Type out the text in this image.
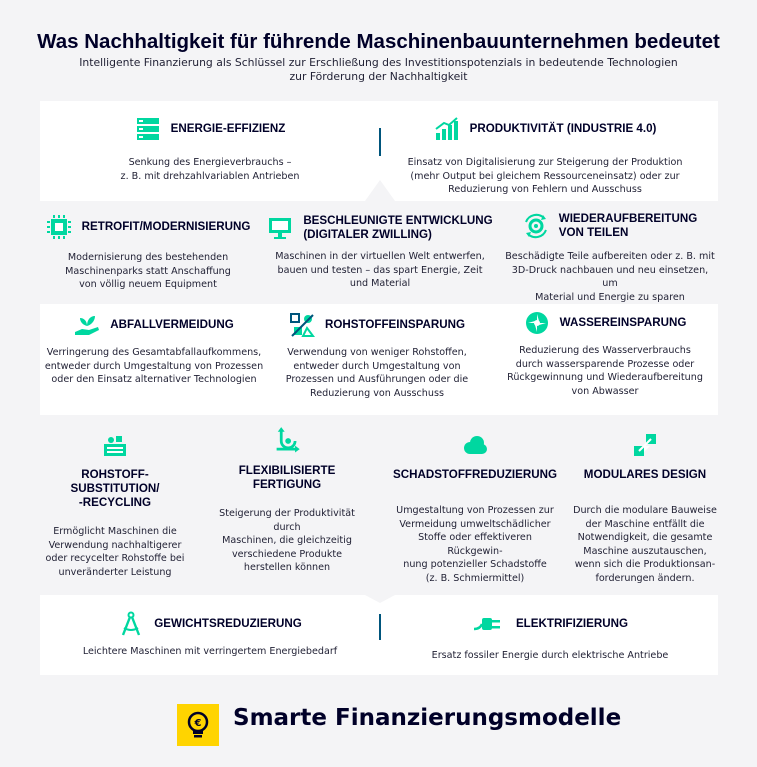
Was Nachhaltigkeit für führende Maschinenbauunternehmen bedeutet
Intelligente Finanzierung als Schlüssel zur Erschließung des Investitionspotenzials in bedeutende Technologien
zur Förderung der Nachhaltigkeit
ENERGIE-EFFIZIENZ
Senkung des Energieverbrauchs –
z. B. mit drehzahlvariablen Antrieben
PRODUKTIVITÄT (INDUSTRIE 4.0)
Einsatz von Digitalisierung zur Steigerung der Produktion
(mehr Output bei gleichem Ressourceneinsatz) oder zur
Reduzierung von Fehlern und Ausschuss
RETROFIT/MODERNISIERUNG
Modernisierung des bestehenden
Maschinenparks statt Anschaffung
von völlig neuem Equipment
BESCHLEUNIGTE ENTWICKLUNG
(DIGITALER ZWILLING)
Maschinen in der virtuellen Welt entwerfen,
bauen und testen – das spart Energie, Zeit
und Material
WIEDERAUFBEREITUNG
VON TEILEN
Beschädigte Teile aufbereiten oder z. B. mit
3D-Druck nachbauen und neu einsetzen, um
Material und Energie zu sparen
ABFALLVERMEIDUNG
Verringerung des Gesamtabfallaufkommens,
entweder durch Umgestaltung von Prozessen
oder den Einsatz alternativer Technologien
ROHSTOFFEINSPARUNG
Verwendung von weniger Rohstoffen,
entweder durch Umgestaltung von
Prozessen und Ausführungen oder die
Reduzierung von Ausschuss
WASSEREINSPARUNG
Reduzierung des Wasserverbrauchs
durch wassersparende Prozesse oder
Rückgewinnung und Wiederaufbereitung
von Abwasser
ROHSTOFF-SUBSTITUTION/
-RECYCLING
Ermöglicht Maschinen die
Verwendung nachhaltigerer
oder recycelter Rohstoffe bei
unveränderter Leistung
FLEXIBILISIERTE
FERTIGUNG
Steigerung der Produktivität durch
Maschinen, die gleichzeitig
verschiedene Produkte
herstellen können
SCHADSTOFFREDUZIERUNG
Umgestaltung von Prozessen zur
Vermeidung umweltschädlicher
Stoffe oder effektiveren Rückgewin-
nung potenzieller Schadstoffe
(z. B. Schmiermittel)
MODULARES DESIGN
Durch die modulare Bauweise
der Maschine entfällt die
Notwendigkeit, die gesamte
Maschine auszutauschen,
wenn sich die Produktionsan-
forderungen ändern.
GEWICHTSREDUZIERUNG
Leichtere Maschinen mit verringertem Energiebedarf
ELEKTRIFIZIERUNG
Ersatz fossiler Energie durch elektrische Antriebe
€ Smarte Finanzierungsmodelle
